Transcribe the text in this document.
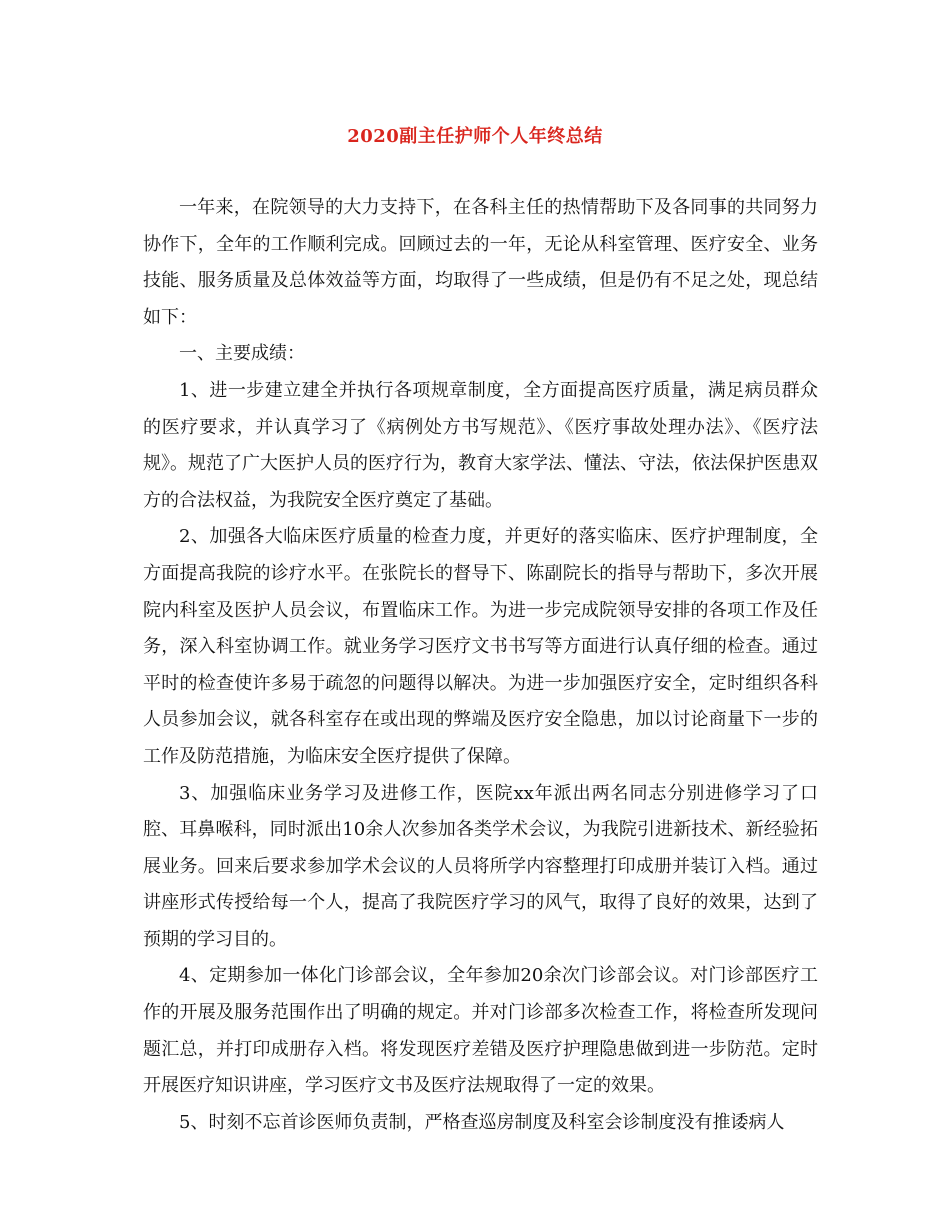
2020副主任护师个人年终总结

一年来，在院领导的大力支持下，在各科主任的热情帮助下及各同事的共同努力协作下，全年的工作顺利完成。回顾过去的一年，无论从科室管理、医疗安全、业务技能、服务质量及总体效益等方面，均取得了一些成绩，但是仍有不足之处，现总结如下：

一、主要成绩：

1、进一步建立建全并执行各项规章制度，全方面提高医疗质量，满足病员群众的医疗要求，并认真学习了《病例处方书写规范》、《医疗事故处理办法》、《医疗法规》。规范了广大医护人员的医疗行为，教育大家学法、懂法、守法，依法保护医患双方的合法权益，为我院安全医疗奠定了基础。

2、加强各大临床医疗质量的检查力度，并更好的落实临床、医疗护理制度，全方面提高我院的诊疗水平。在张院长的督导下、陈副院长的指导与帮助下，多次开展院内科室及医护人员会议，布置临床工作。为进一步完成院领导安排的各项工作及任务，深入科室协调工作。就业务学习医疗文书书写等方面进行认真仔细的检查。通过平时的检查使许多易于疏忽的问题得以解决。为进一步加强医疗安全，定时组织各科人员参加会议，就各科室存在或出现的弊端及医疗安全隐患，加以讨论商量下一步的工作及防范措施，为临床安全医疗提供了保障。

3、加强临床业务学习及进修工作，医院xx年派出两名同志分别进修学习了口腔、耳鼻喉科，同时派出10余人次参加各类学术会议，为我院引进新技术、新经验拓展业务。回来后要求参加学术会议的人员将所学内容整理打印成册并装订入档。通过讲座形式传授给每一个人，提高了我院医疗学习的风气，取得了良好的效果，达到了预期的学习目的。

4、定期参加一体化门诊部会议，全年参加20余次门诊部会议。对门诊部医疗工作的开展及服务范围作出了明确的规定。并对门诊部多次检查工作，将检查所发现问题汇总，并打印成册存入档。将发现医疗差错及医疗护理隐患做到进一步防范。定时开展医疗知识讲座，学习医疗文书及医疗法规取得了一定的效果。

5、时刻不忘首诊医师负责制，严格查巡房制度及科室会诊制度没有推诿病人
